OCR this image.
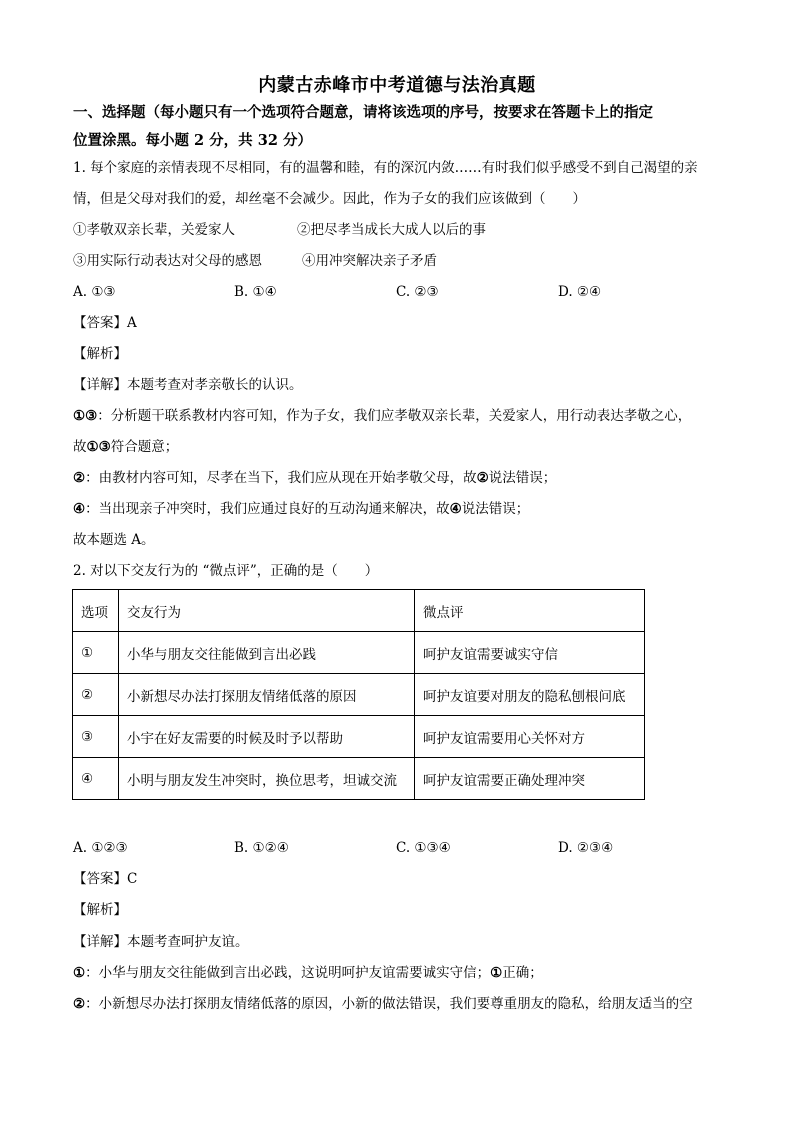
内蒙古赤峰市中考道德与法治真题
一、选择题（每小题只有一个选项符合题意，请将该选项的序号，按要求在答题卡上的指定
位置涂黑。每小题 2 分，共 32 分）
1. 每个家庭的亲情表现不尽相同，有的温馨和睦，有的深沉内敛……有时我们似乎感受不到自己渴望的亲
情，但是父母对我们的爱，却丝毫不会减少。因此，作为子女的我们应该做到（　　）
①孝敬双亲长辈，关爱家人	②把尽孝当成长大成人以后的事
③用实际行动表达对父母的感恩	④用冲突解决亲子矛盾
A. ①③	B. ①④	C. ②③	D. ②④
【答案】A
【解析】
【详解】本题考查对孝亲敬长的认识。
①③：分析题干联系教材内容可知，作为子女，我们应孝敬双亲长辈，关爱家人，用行动表达孝敬之心，
故①③符合题意；
②：由教材内容可知，尽孝在当下，我们应从现在开始孝敬父母，故②说法错误；
④：当出现亲子冲突时，我们应通过良好的互动沟通来解决，故④说法错误；
故本题选 A。
2. 对以下交友行为的 “微点评”，正确的是（　　）
选项	交友行为	微点评
①	小华与朋友交往能做到言出必践	呵护友谊需要诚实守信
②	小新想尽办法打探朋友情绪低落的原因	呵护友谊要对朋友的隐私刨根问底
③	小宇在好友需要的时候及时予以帮助	呵护友谊需要用心关怀对方
④	小明与朋友发生冲突时，换位思考，坦诚交流	呵护友谊需要正确处理冲突
A. ①②③	B. ①②④	C. ①③④	D. ②③④
【答案】C
【解析】
【详解】本题考查呵护友谊。
①：小华与朋友交往能做到言出必践，这说明呵护友谊需要诚实守信；①正确；
②：小新想尽办法打探朋友情绪低落的原因，小新的做法错误，我们要尊重朋友的隐私，给朋友适当的空
